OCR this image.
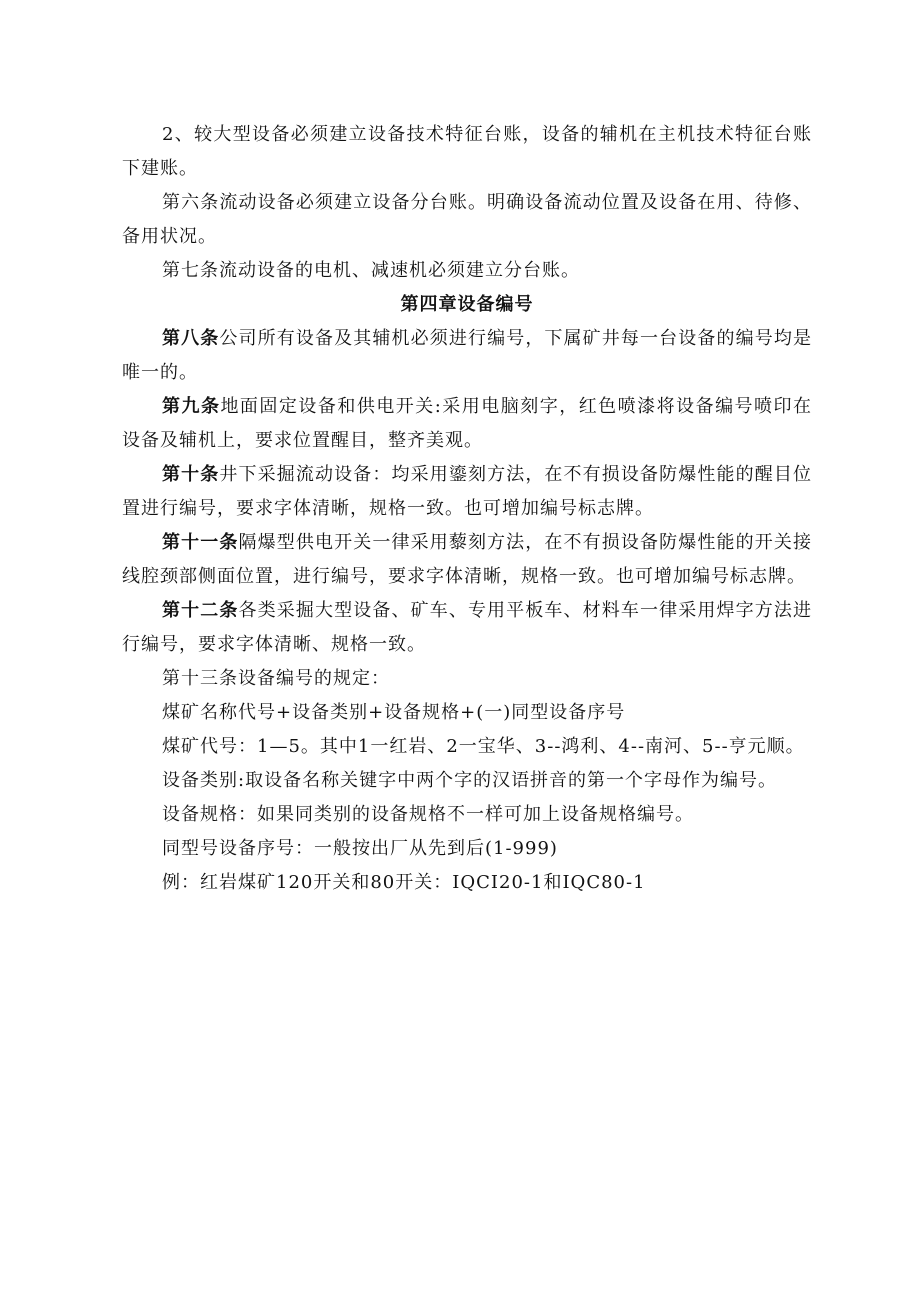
2、较大型设备必须建立设备技术特征台账，设备的辅机在主机技术特征台账下建账。

第六条流动设备必须建立设备分台账。明确设备流动位置及设备在用、待修、备用状况。

第七条流动设备的电机、减速机必须建立分台账。

第四章设备编号

第八条公司所有设备及其辅机必须进行编号，下属矿井每一台设备的编号均是唯一的。

第九条地面固定设备和供电开关:采用电脑刻字，红色喷漆将设备编号喷印在设备及辅机上，要求位置醒目，整齐美观。

第十条井下采掘流动设备：均采用鎏刻方法，在不有损设备防爆性能的醒目位置进行编号，要求字体清晰，规格一致。也可增加编号标志牌。

第十一条隔爆型供电开关一律采用藜刻方法，在不有损设备防爆性能的开关接线腔颈部侧面位置，进行编号，要求字体清晰，规格一致。也可增加编号标志牌。

第十二条各类采掘大型设备、矿车、专用平板车、材料车一律采用焊字方法进行编号，要求字体清晰、规格一致。

第十三条设备编号的规定：

煤矿名称代号+设备类别+设备规格+(一)同型设备序号

煤矿代号：1—5。其中1一红岩、2一宝华、3--鸿利、4--南河、5--亨元顺。

设备类别:取设备名称关键字中两个字的汉语拼音的第一个字母作为编号。

设备规格：如果同类别的设备规格不一样可加上设备规格编号。

同型号设备序号：一般按出厂从先到后(1-999)

例：红岩煤矿120开关和80开关：IQCI20-1和IQC80-1
